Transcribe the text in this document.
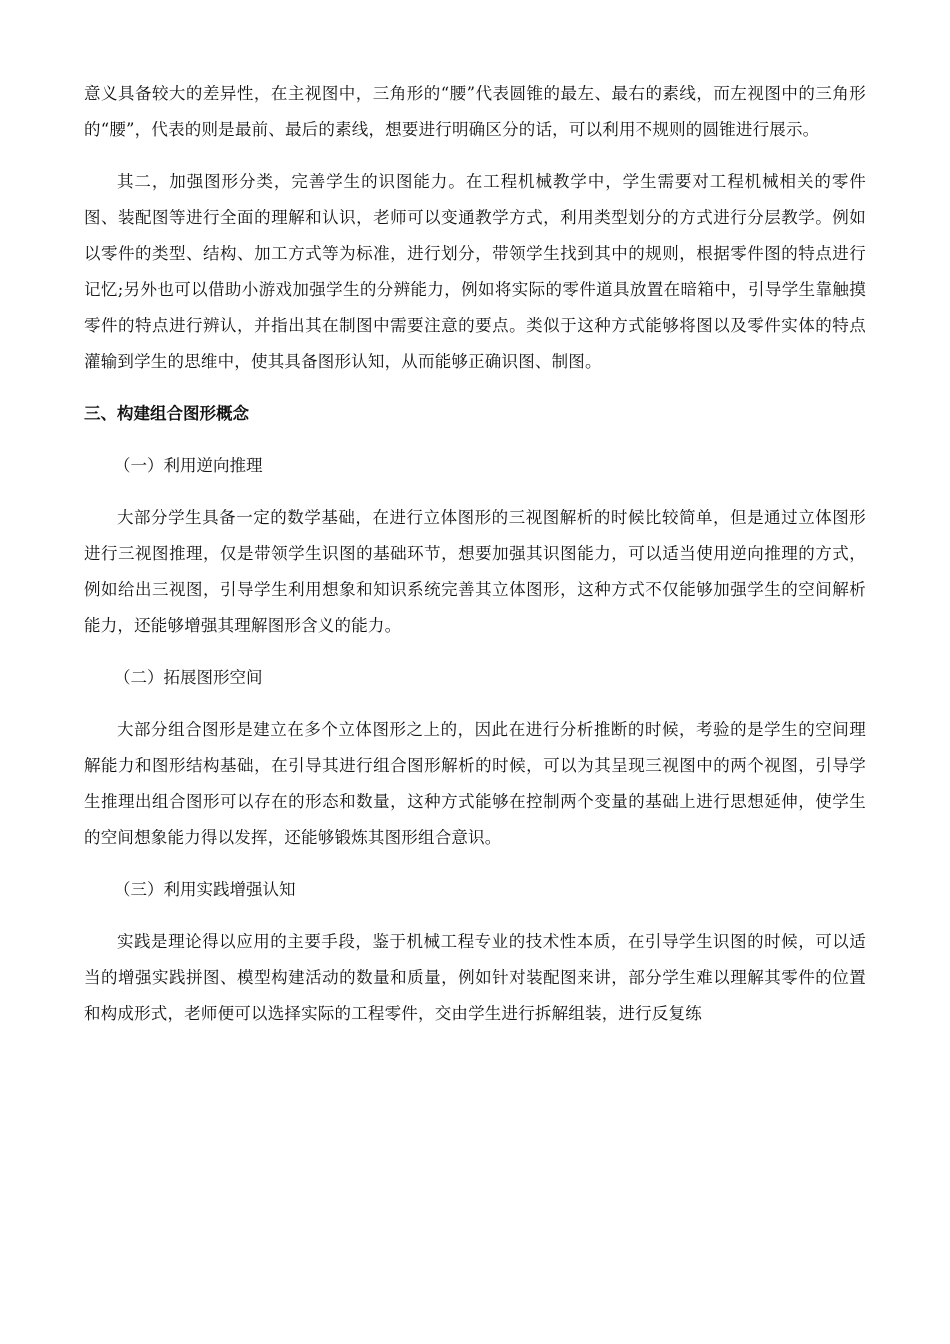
意义具备较大的差异性，在主视图中，三角形的“腰”代表圆锥的最左、最右的素线，而左视图中的三角形的“腰”，代表的则是最前、最后的素线，想要进行明确区分的话，可以利用不规则的圆锥进行展示。

其二，加强图形分类，完善学生的识图能力。在工程机械教学中，学生需要对工程机械相关的零件图、装配图等进行全面的理解和认识，老师可以变通教学方式，利用类型划分的方式进行分层教学。例如以零件的类型、结构、加工方式等为标准，进行划分，带领学生找到其中的规则，根据零件图的特点进行记忆;另外也可以借助小游戏加强学生的分辨能力，例如将实际的零件道具放置在暗箱中，引导学生靠触摸零件的特点进行辨认，并指出其在制图中需要注意的要点。类似于这种方式能够将图以及零件实体的特点灌输到学生的思维中，使其具备图形认知，从而能够正确识图、制图。

三、构建组合图形概念
（一）利用逆向推理

大部分学生具备一定的数学基础，在进行立体图形的三视图解析的时候比较简单，但是通过立体图形进行三视图推理，仅是带领学生识图的基础环节，想要加强其识图能力，可以适当使用逆向推理的方式，例如给出三视图，引导学生利用想象和知识系统完善其立体图形，这种方式不仅能够加强学生的空间解析能力，还能够增强其理解图形含义的能力。

（二）拓展图形空间

大部分组合图形是建立在多个立体图形之上的，因此在进行分析推断的时候，考验的是学生的空间理解能力和图形结构基础，在引导其进行组合图形解析的时候，可以为其呈现三视图中的两个视图，引导学生推理出组合图形可以存在的形态和数量，这种方式能够在控制两个变量的基础上进行思想延伸，使学生的空间想象能力得以发挥，还能够锻炼其图形组合意识。

（三）利用实践增强认知

实践是理论得以应用的主要手段，鉴于机械工程专业的技术性本质，在引导学生识图的时候，可以适当的增强实践拼图、模型构建活动的数量和质量，例如针对装配图来讲，部分学生难以理解其零件的位置和构成形式，老师便可以选择实际的工程零件，交由学生进行拆解组装，进行反复练
